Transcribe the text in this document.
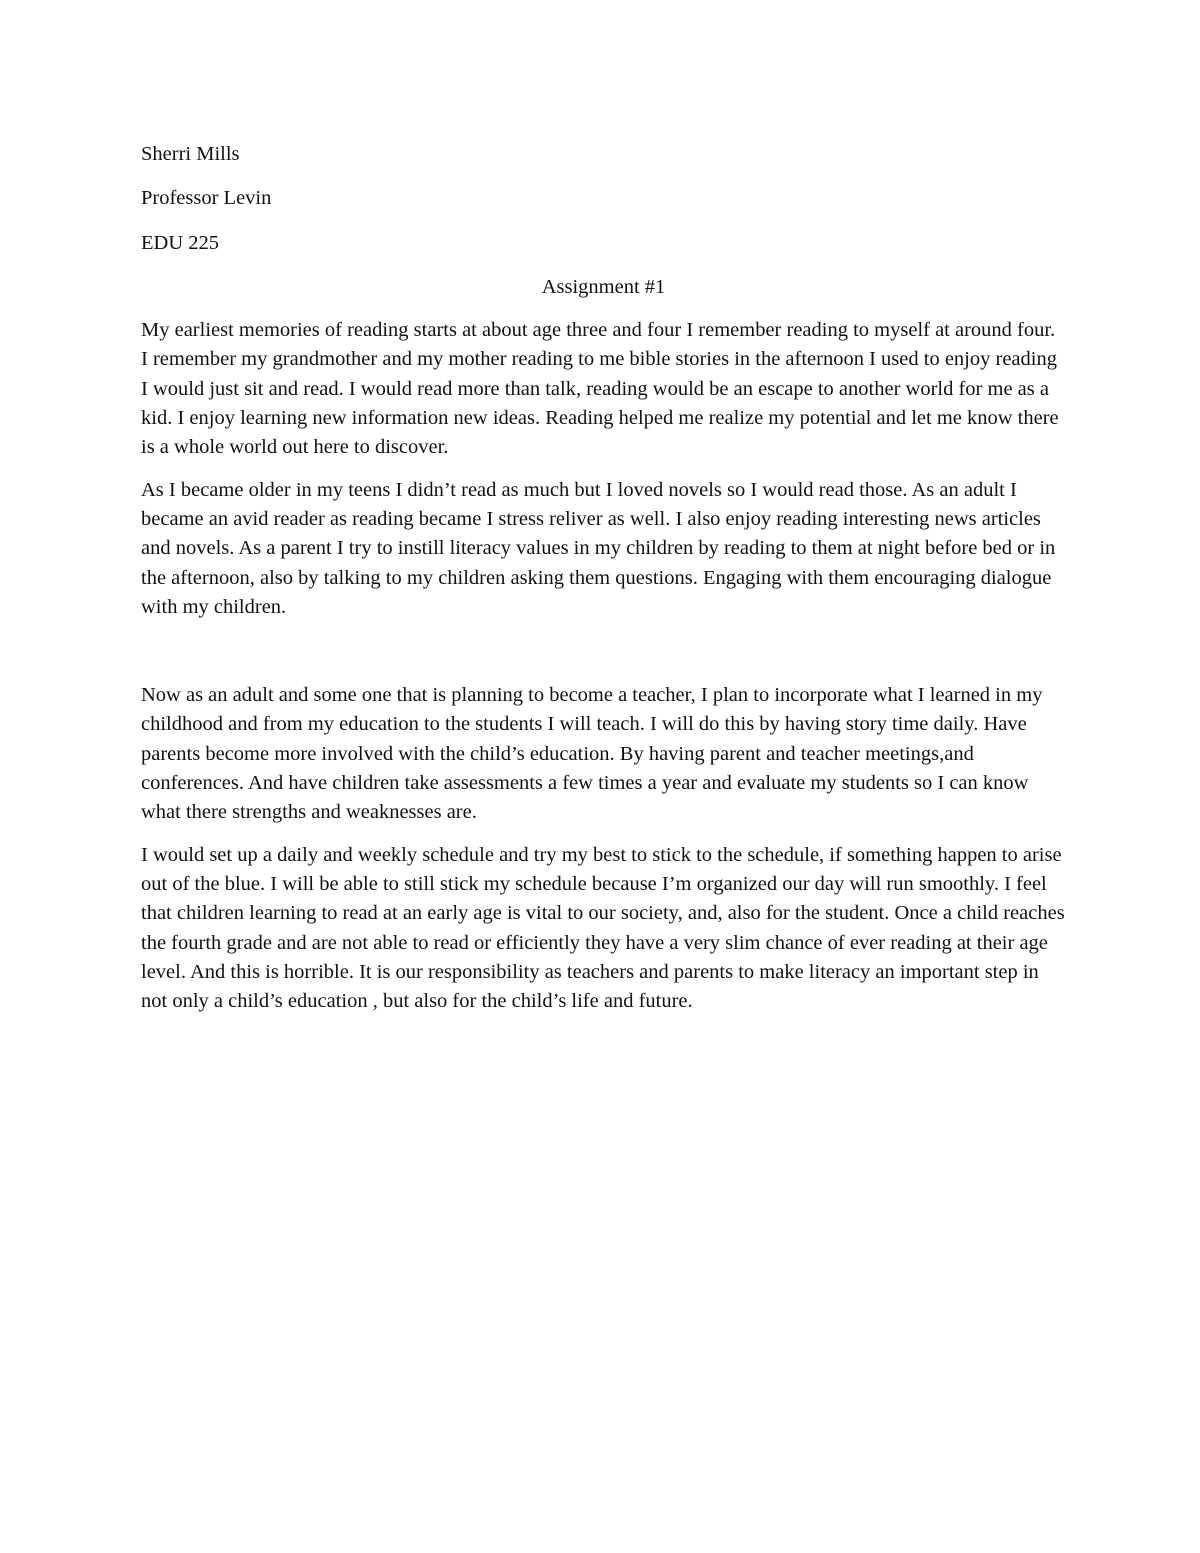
Sherri Mills

Professor Levin

EDU 225

Assignment #1

My earliest memories of reading starts at about age three and four I remember reading to myself at around four. I remember my grandmother and my mother reading to me bible stories in the afternoon I used to enjoy reading I would just sit and read. I would read more than talk, reading would be an escape to another world for me as a kid. I enjoy learning new information new ideas. Reading helped me realize my potential and let me know there is a whole world out here to discover.

As I became older in my teens I didn’t read as much but I loved novels so I would read those. As an adult I became an avid reader as reading became I stress reliver as well. I also enjoy reading interesting news articles and novels. As a parent I try to instill literacy values in my children by reading to them at night before bed or in the afternoon, also by talking to my children asking them questions. Engaging with them encouraging dialogue with my children.

Now as an adult and some one that is planning to become a teacher, I plan to incorporate what I learned in my childhood and from my education to the students I will teach. I will do this by having story time daily. Have parents become more involved with the child’s education. By having parent and teacher meetings,and conferences. And have children take assessments a few times a year and evaluate my students so I can know what there strengths and weaknesses are.

I would set up a daily and weekly schedule and try my best to stick to the schedule, if something happen to arise out of the blue. I will be able to still stick my schedule because I’m organized our day will run smoothly. I feel that children learning to read at an early age is vital to our society, and, also for the student. Once a child reaches the fourth grade and are not able to read or efficiently they have a very slim chance of ever reading at their age level. And this is horrible. It is our responsibility as teachers and parents to make literacy an important step in not only a child’s education , but also for the child’s life and future.
